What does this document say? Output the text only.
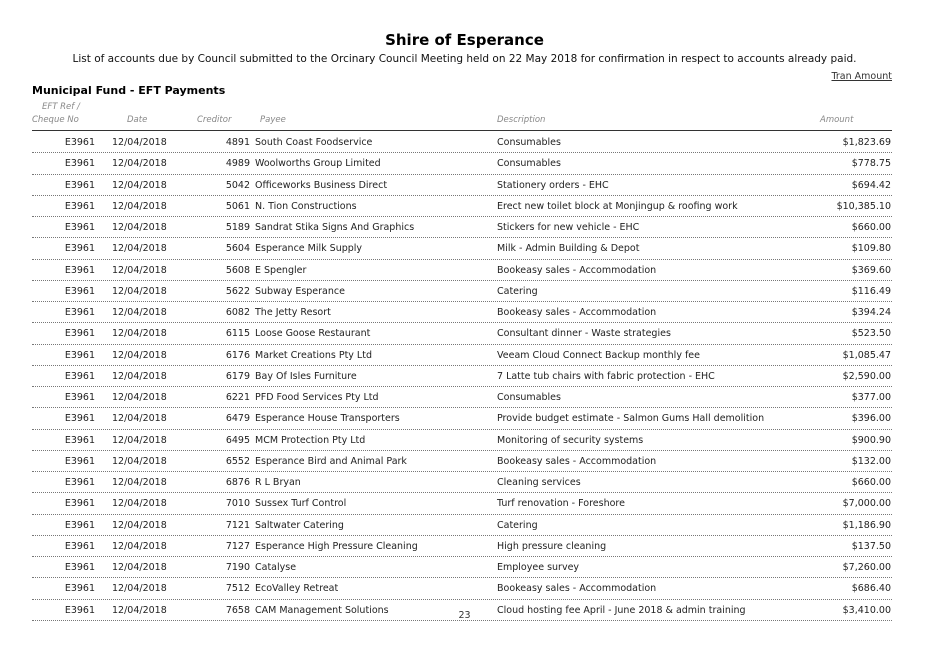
Shire of Esperance
List of accounts due by Council submitted to the Orcinary Council Meeting held on 22 May 2018 for confirmation in respect to accounts already paid.
Tran Amount
Municipal Fund - EFT Payments
EFT Ref /
Cheque No	Date	Creditor	Payee	Description	Amount
E3961 12/04/2018	4891 South Coast Foodservice	Consumables	$1,823.69
E3961 12/04/2018	4989 Woolworths Group Limited	Consumables	$778.75
E3961 12/04/2018	5042 Officeworks Business Direct	Stationery orders - EHC	$694.42
E3961 12/04/2018	5061 N. Tion Constructions	Erect new toilet block at Monjingup & roofing work	$10,385.10
E3961 12/04/2018	5189 Sandrat Stika Signs And Graphics	Stickers for new vehicle - EHC	$660.00
E3961 12/04/2018	5604 Esperance Milk Supply	Milk - Admin Building & Depot	$109.80
E3961 12/04/2018	5608 E Spengler	Bookeasy sales - Accommodation	$369.60
E3961 12/04/2018	5622 Subway Esperance	Catering	$116.49
E3961 12/04/2018	6082 The Jetty Resort	Bookeasy sales - Accommodation	$394.24
E3961 12/04/2018	6115 Loose Goose Restaurant	Consultant dinner - Waste strategies	$523.50
E3961 12/04/2018	6176 Market Creations Pty Ltd	Veeam Cloud Connect Backup monthly fee	$1,085.47
E3961 12/04/2018	6179 Bay Of Isles Furniture	7 Latte tub chairs with fabric protection - EHC	$2,590.00
E3961 12/04/2018	6221 PFD Food Services Pty Ltd	Consumables	$377.00
E3961 12/04/2018	6479 Esperance House Transporters	Provide budget estimate - Salmon Gums Hall demolition	$396.00
E3961 12/04/2018	6495 MCM Protection Pty Ltd	Monitoring of security systems	$900.90
E3961 12/04/2018	6552 Esperance Bird and Animal Park	Bookeasy sales - Accommodation	$132.00
E3961 12/04/2018	6876 R L Bryan	Cleaning services	$660.00
E3961 12/04/2018	7010 Sussex Turf Control	Turf renovation - Foreshore	$7,000.00
E3961 12/04/2018	7121 Saltwater Catering	Catering	$1,186.90
E3961 12/04/2018	7127 Esperance High Pressure Cleaning	High pressure cleaning	$137.50
E3961 12/04/2018	7190 Catalyse	Employee survey	$7,260.00
E3961 12/04/2018	7512 EcoValley Retreat	Bookeasy sales - Accommodation	$686.40
E3961 12/04/2018	7658 CAM Management Solutions	Cloud hosting fee April - June 2018 & admin training	$3,410.00
23
